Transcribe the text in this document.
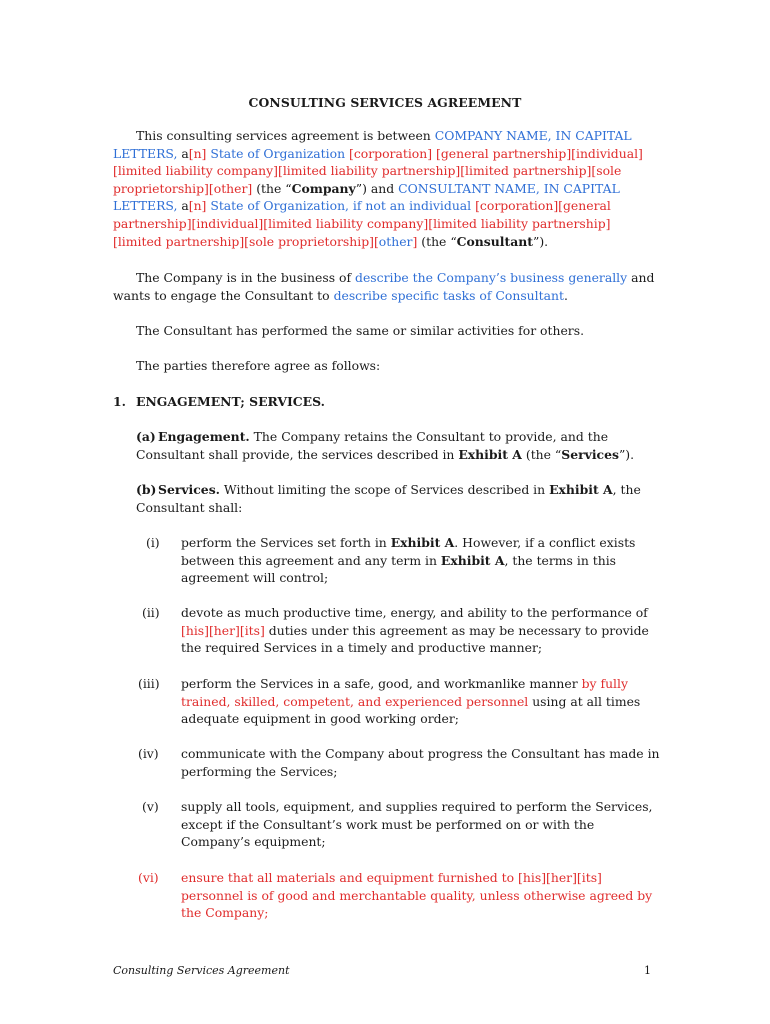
CONSULTING SERVICES AGREEMENT
This consulting services agreement is between COMPANY NAME, IN CAPITAL LETTERS, a[n] State of Organization [corporation] [general partnership][individual][limited liability company][limited liability partnership][limited partnership][sole proprietorship][other] (the “Company”) and CONSULTANT NAME, IN CAPITAL LETTERS, a[n] State of Organization, if not an individual [corporation][general partnership][individual][limited liability company][limited liability partnership][limited partnership][sole proprietorship][other] (the “Consultant”).
The Company is in the business of describe the Company’s business generally and wants to engage the Consultant to describe specific tasks of Consultant.
The Consultant has performed the same or similar activities for others.
The parties therefore agree as follows:
1. ENGAGEMENT; SERVICES.
(a) Engagement. The Company retains the Consultant to provide, and the Consultant shall provide, the services described in Exhibit A (the “Services”).
(b) Services. Without limiting the scope of Services described in Exhibit A, the Consultant shall:
(i)	perform the Services set forth in Exhibit A. However, if a conflict exists between this agreement and any term in Exhibit A, the terms in this agreement will control;
(ii)	devote as much productive time, energy, and ability to the performance of [his][her][its] duties under this agreement as may be necessary to provide the required Services in a timely and productive manner;
(iii)	perform the Services in a safe, good, and workmanlike manner by fully trained, skilled, competent, and experienced personnel using at all times adequate equipment in good working order;
(iv)	communicate with the Company about progress the Consultant has made in performing the Services;
(v)	supply all tools, equipment, and supplies required to perform the Services, except if the Consultant’s work must be performed on or with the Company’s equipment;
(vi)	ensure that all materials and equipment furnished to [his][her][its] personnel is of good and merchantable quality, unless otherwise agreed by the Company;
Consulting Services Agreement	1
